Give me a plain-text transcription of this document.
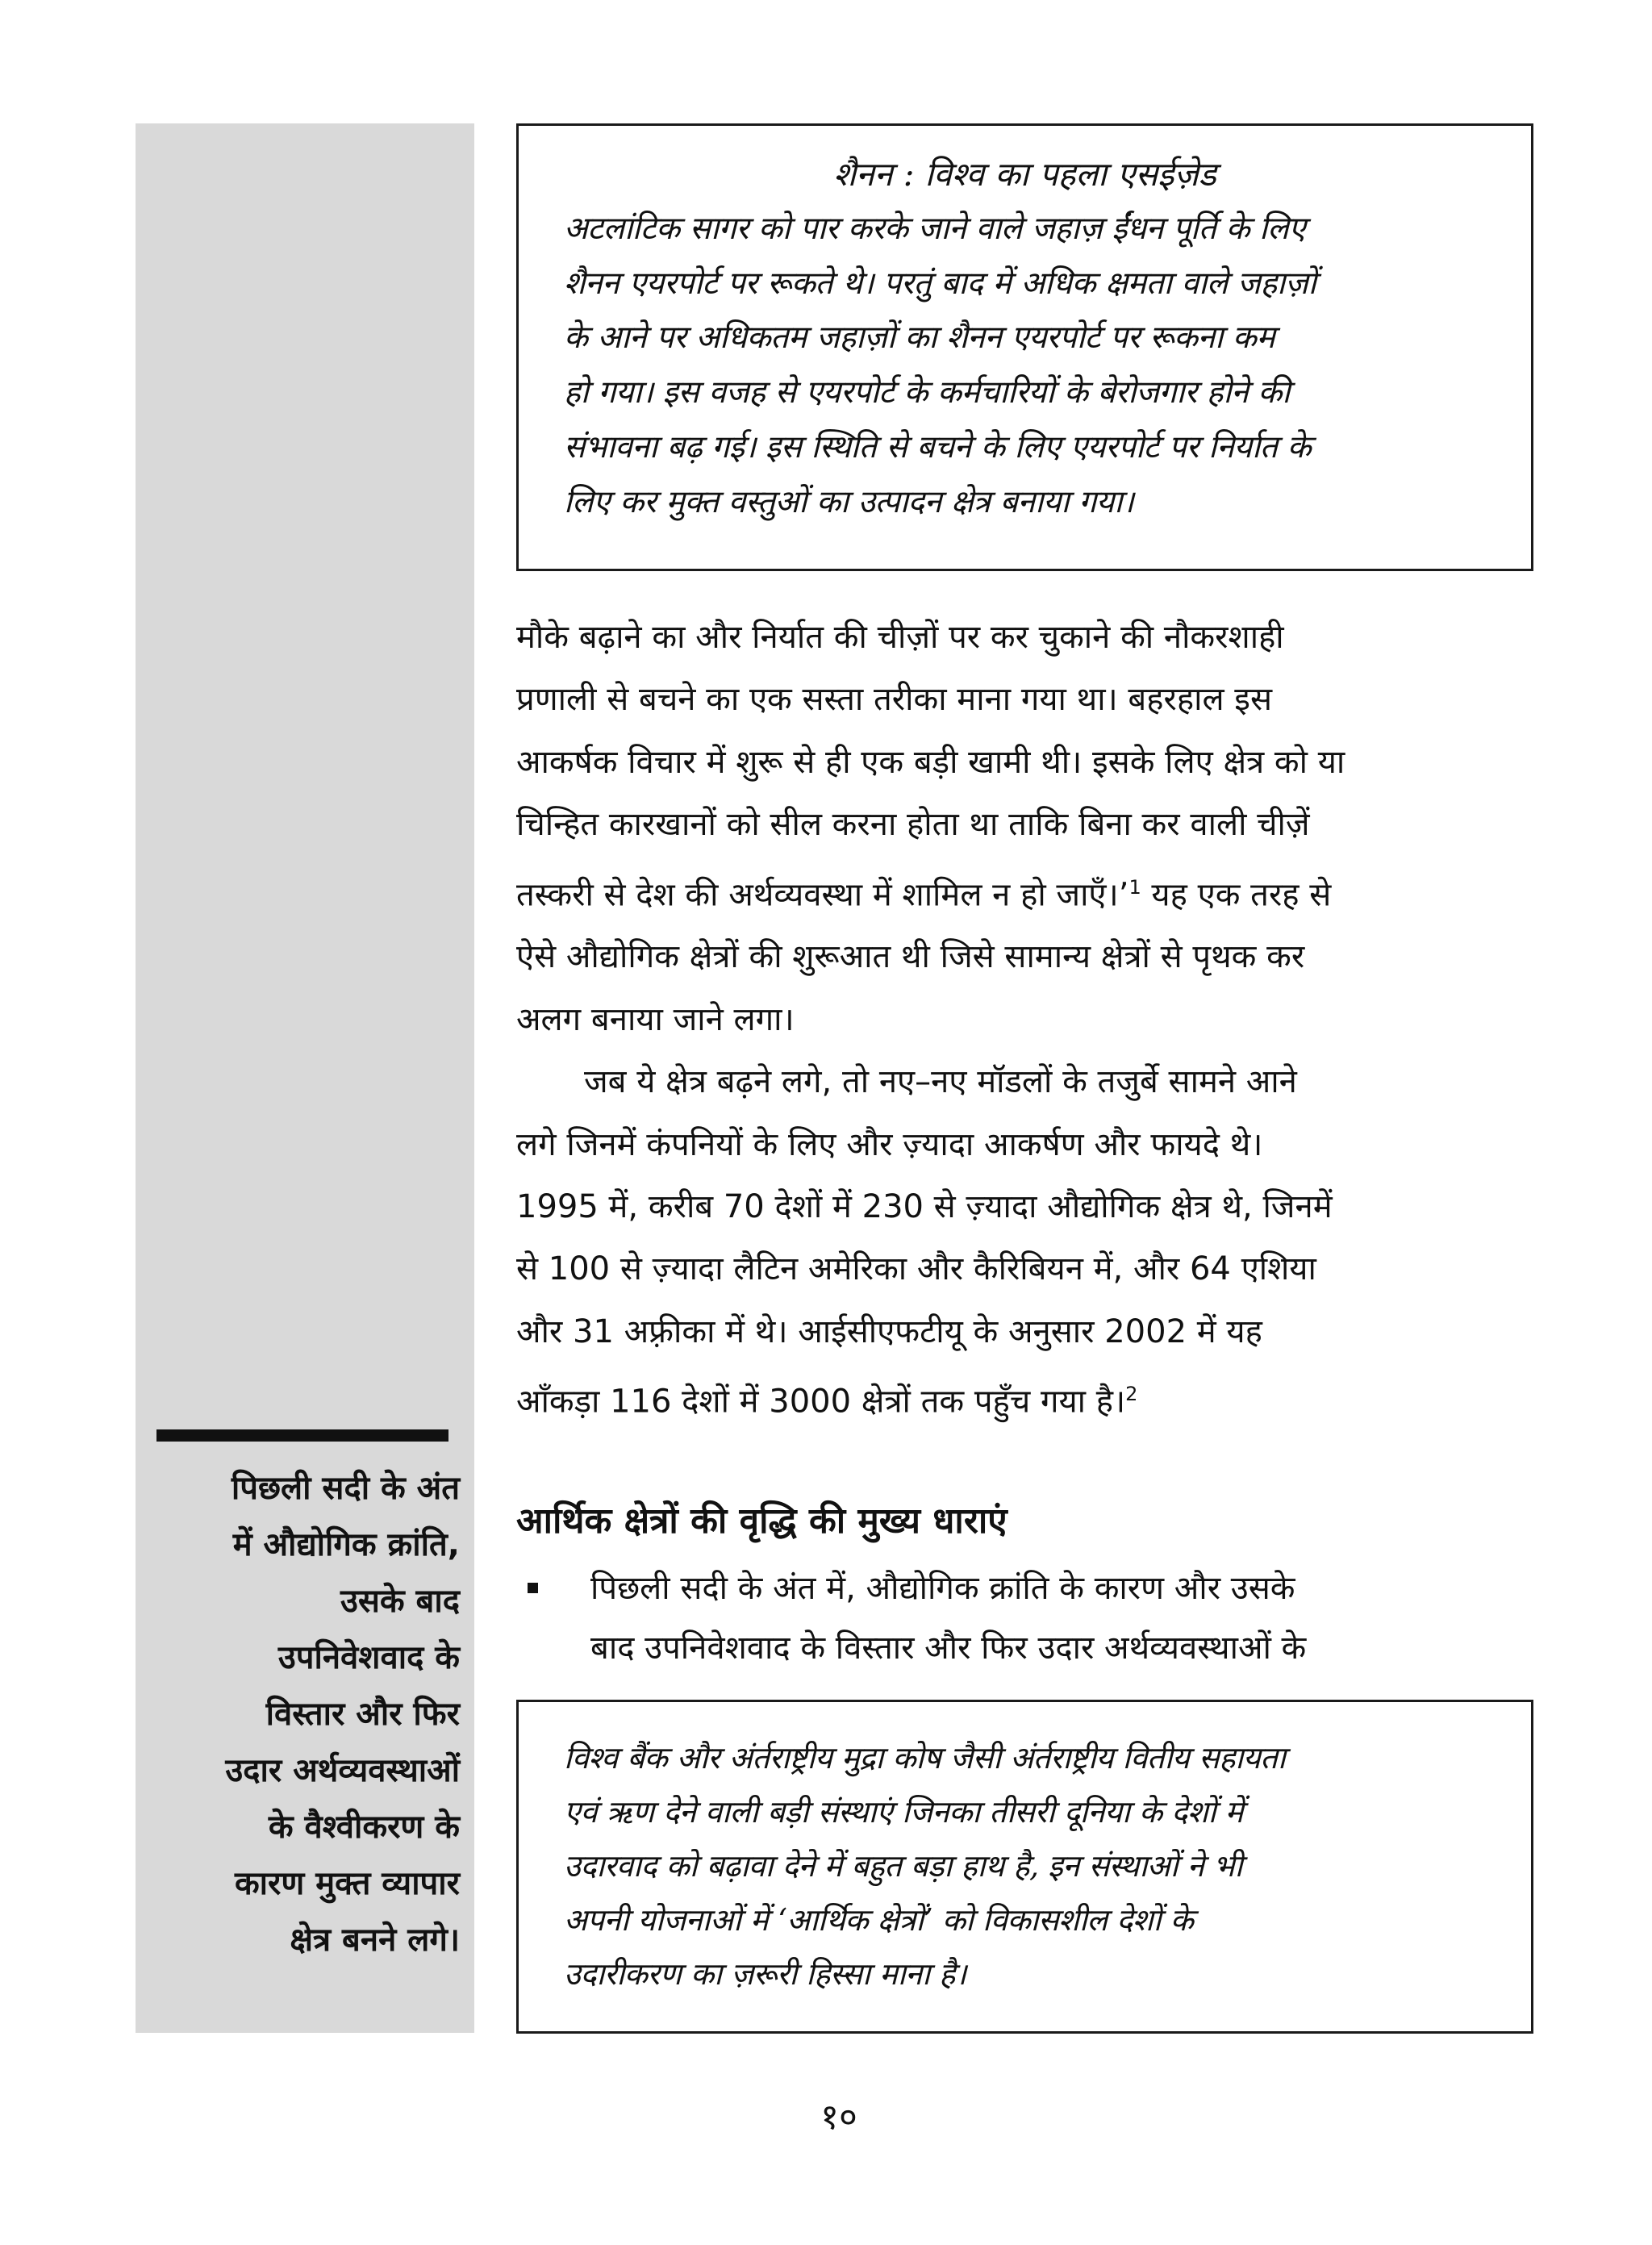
पिछली सदी के अंत
में औद्योगिक क्रांति,
उसके बाद
उपनिवेशवाद के
विस्तार और फिर
उदार अर्थव्यवस्थाओं
के वैश्वीकरण के
कारण मुक्त व्यापार
क्षेत्र बनने लगे।
शैनन : विश्व का पहला एसईज़ेड
अटलांटिक सागर को पार करके जाने वाले जहाज़ ईंधन पूर्ति के लिए
शैनन एयरपोर्ट पर रूकते थे। परतुं बाद में अधिक क्षमता वाले जहाज़ों
के आने पर अधिकतम जहाज़ों का शैनन एयरपोर्ट पर रूकना कम
हो गया। इस वजह से एयरपोर्ट के कर्मचारियों के बेरोजगार होने की
संभावना बढ़ गई। इस स्थिति से बचने के लिए एयरपोर्ट पर निर्यात के
लिए कर मुक्त वस्तुओं का उत्पादन क्षेत्र बनाया गया।
मौके बढ़ाने का और निर्यात की चीज़ों पर कर चुकाने की नौकरशाही
प्रणाली से बचने का एक सस्ता तरीका माना गया था। बहरहाल इस
आकर्षक विचार में शुरू से ही एक बड़ी खामी थी। इसके लिए क्षेत्र को या
चिन्हित कारखानों को सील करना होता था ताकि बिना कर वाली चीज़ें
तस्करी से देश की अर्थव्यवस्था में शामिल न हो जाएँ।’$^1$ यह एक तरह से
ऐसे औद्योगिक क्षेत्रों की शुरूआत थी जिसे सामान्य क्षेत्रों से पृथक कर
अलग बनाया जाने लगा।
जब ये क्षेत्र बढ़ने लगे, तो नए–नए मॉडलों के तजुर्बे सामने आने
लगे जिनमें कंपनियों के लिए और ज़्यादा आकर्षण और फायदे थे।
1995 में, करीब 70 देशों में 230 से ज़्यादा औद्योगिक क्षेत्र थे, जिनमें
से 100 से ज़्यादा लैटिन अमेरिका और कैरिबियन में, और 64 एशिया
और 31 अफ़्रीका में थे। आईसीएफटीयू के अनुसार 2002 में यह
आँकड़ा 116 देशों में 3000 क्षेत्रों तक पहुँच गया है।$^2$
आर्थिक क्षेत्रों की वृद्धि की मुख्य धाराएं
पिछली सदी के अंत में, औद्योगिक क्रांति के कारण और उसके
बाद उपनिवेशवाद के विस्तार और फिर उदार अर्थव्यवस्थाओं के
विश्व बैंक और अंर्तराष्ट्रीय मुद्रा कोष जैसी अंर्तराष्ट्रीय वितीय सहायता
एवं ऋण देने वाली बड़ी संस्थाएं जिनका तीसरी दूनिया के देशों में
उदारवाद को बढ़ावा देने में बहुत बड़ा हाथ है, इन संस्थाओं ने भी
अपनी योजनाओं में ‘आर्थिक क्षेत्रों’ को विकासशील देशों के
उदारीकरण का ज़रूरी हिस्सा माना है।
१०
